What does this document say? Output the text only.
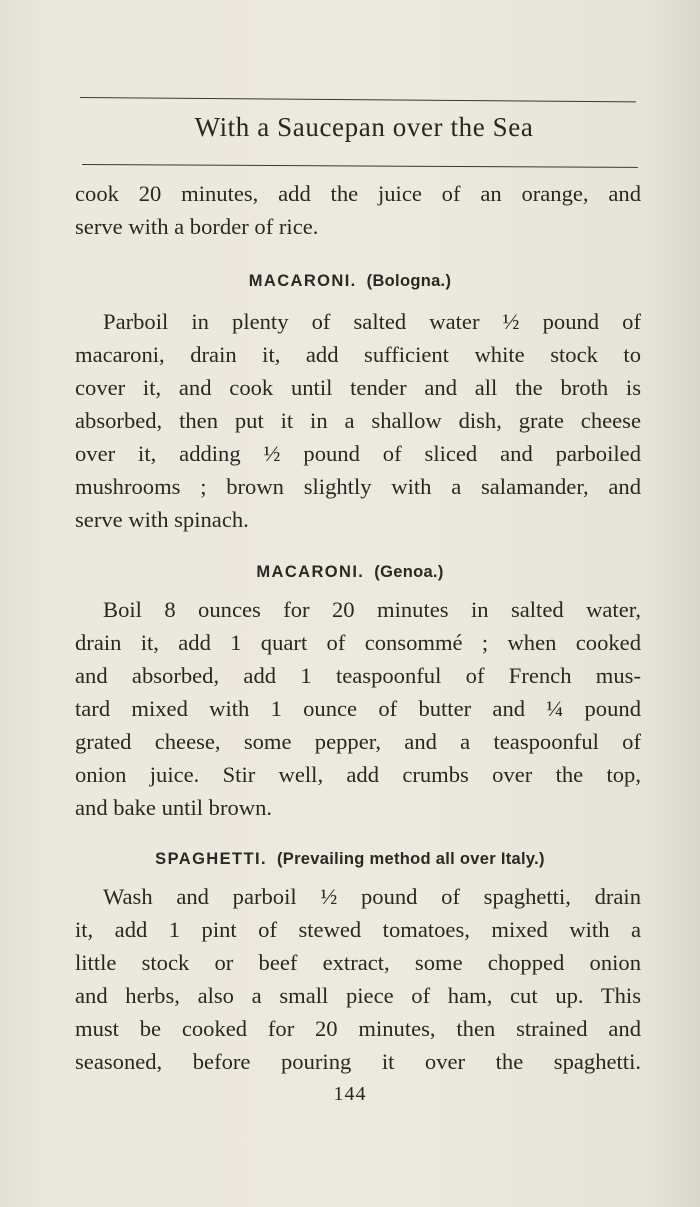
With a Saucepan over the Sea
cook 20 minutes, add the juice of an orange, and
serve with a border of rice.
MACARONI. (Bologna.)
Parboil in plenty of salted water ½ pound of
macaroni, drain it, add sufficient white stock to
cover it, and cook until tender and all the broth is
absorbed, then put it in a shallow dish, grate cheese
over it, adding ½ pound of sliced and parboiled
mushrooms ; brown slightly with a salamander, and
serve with spinach.
MACARONI. (Genoa.)
Boil 8 ounces for 20 minutes in salted water,
drain it, add 1 quart of consommé ; when cooked
and absorbed, add 1 teaspoonful of French mus-
tard mixed with 1 ounce of butter and ¼ pound
grated cheese, some pepper, and a teaspoonful of
onion juice. Stir well, add crumbs over the top,
and bake until brown.
SPAGHETTI. (Prevailing method all over Italy.)
Wash and parboil ½ pound of spaghetti, drain
it, add 1 pint of stewed tomatoes, mixed with a
little stock or beef extract, some chopped onion
and herbs, also a small piece of ham, cut up. This
must be cooked for 20 minutes, then strained and
seasoned, before pouring it over the spaghetti.
144
